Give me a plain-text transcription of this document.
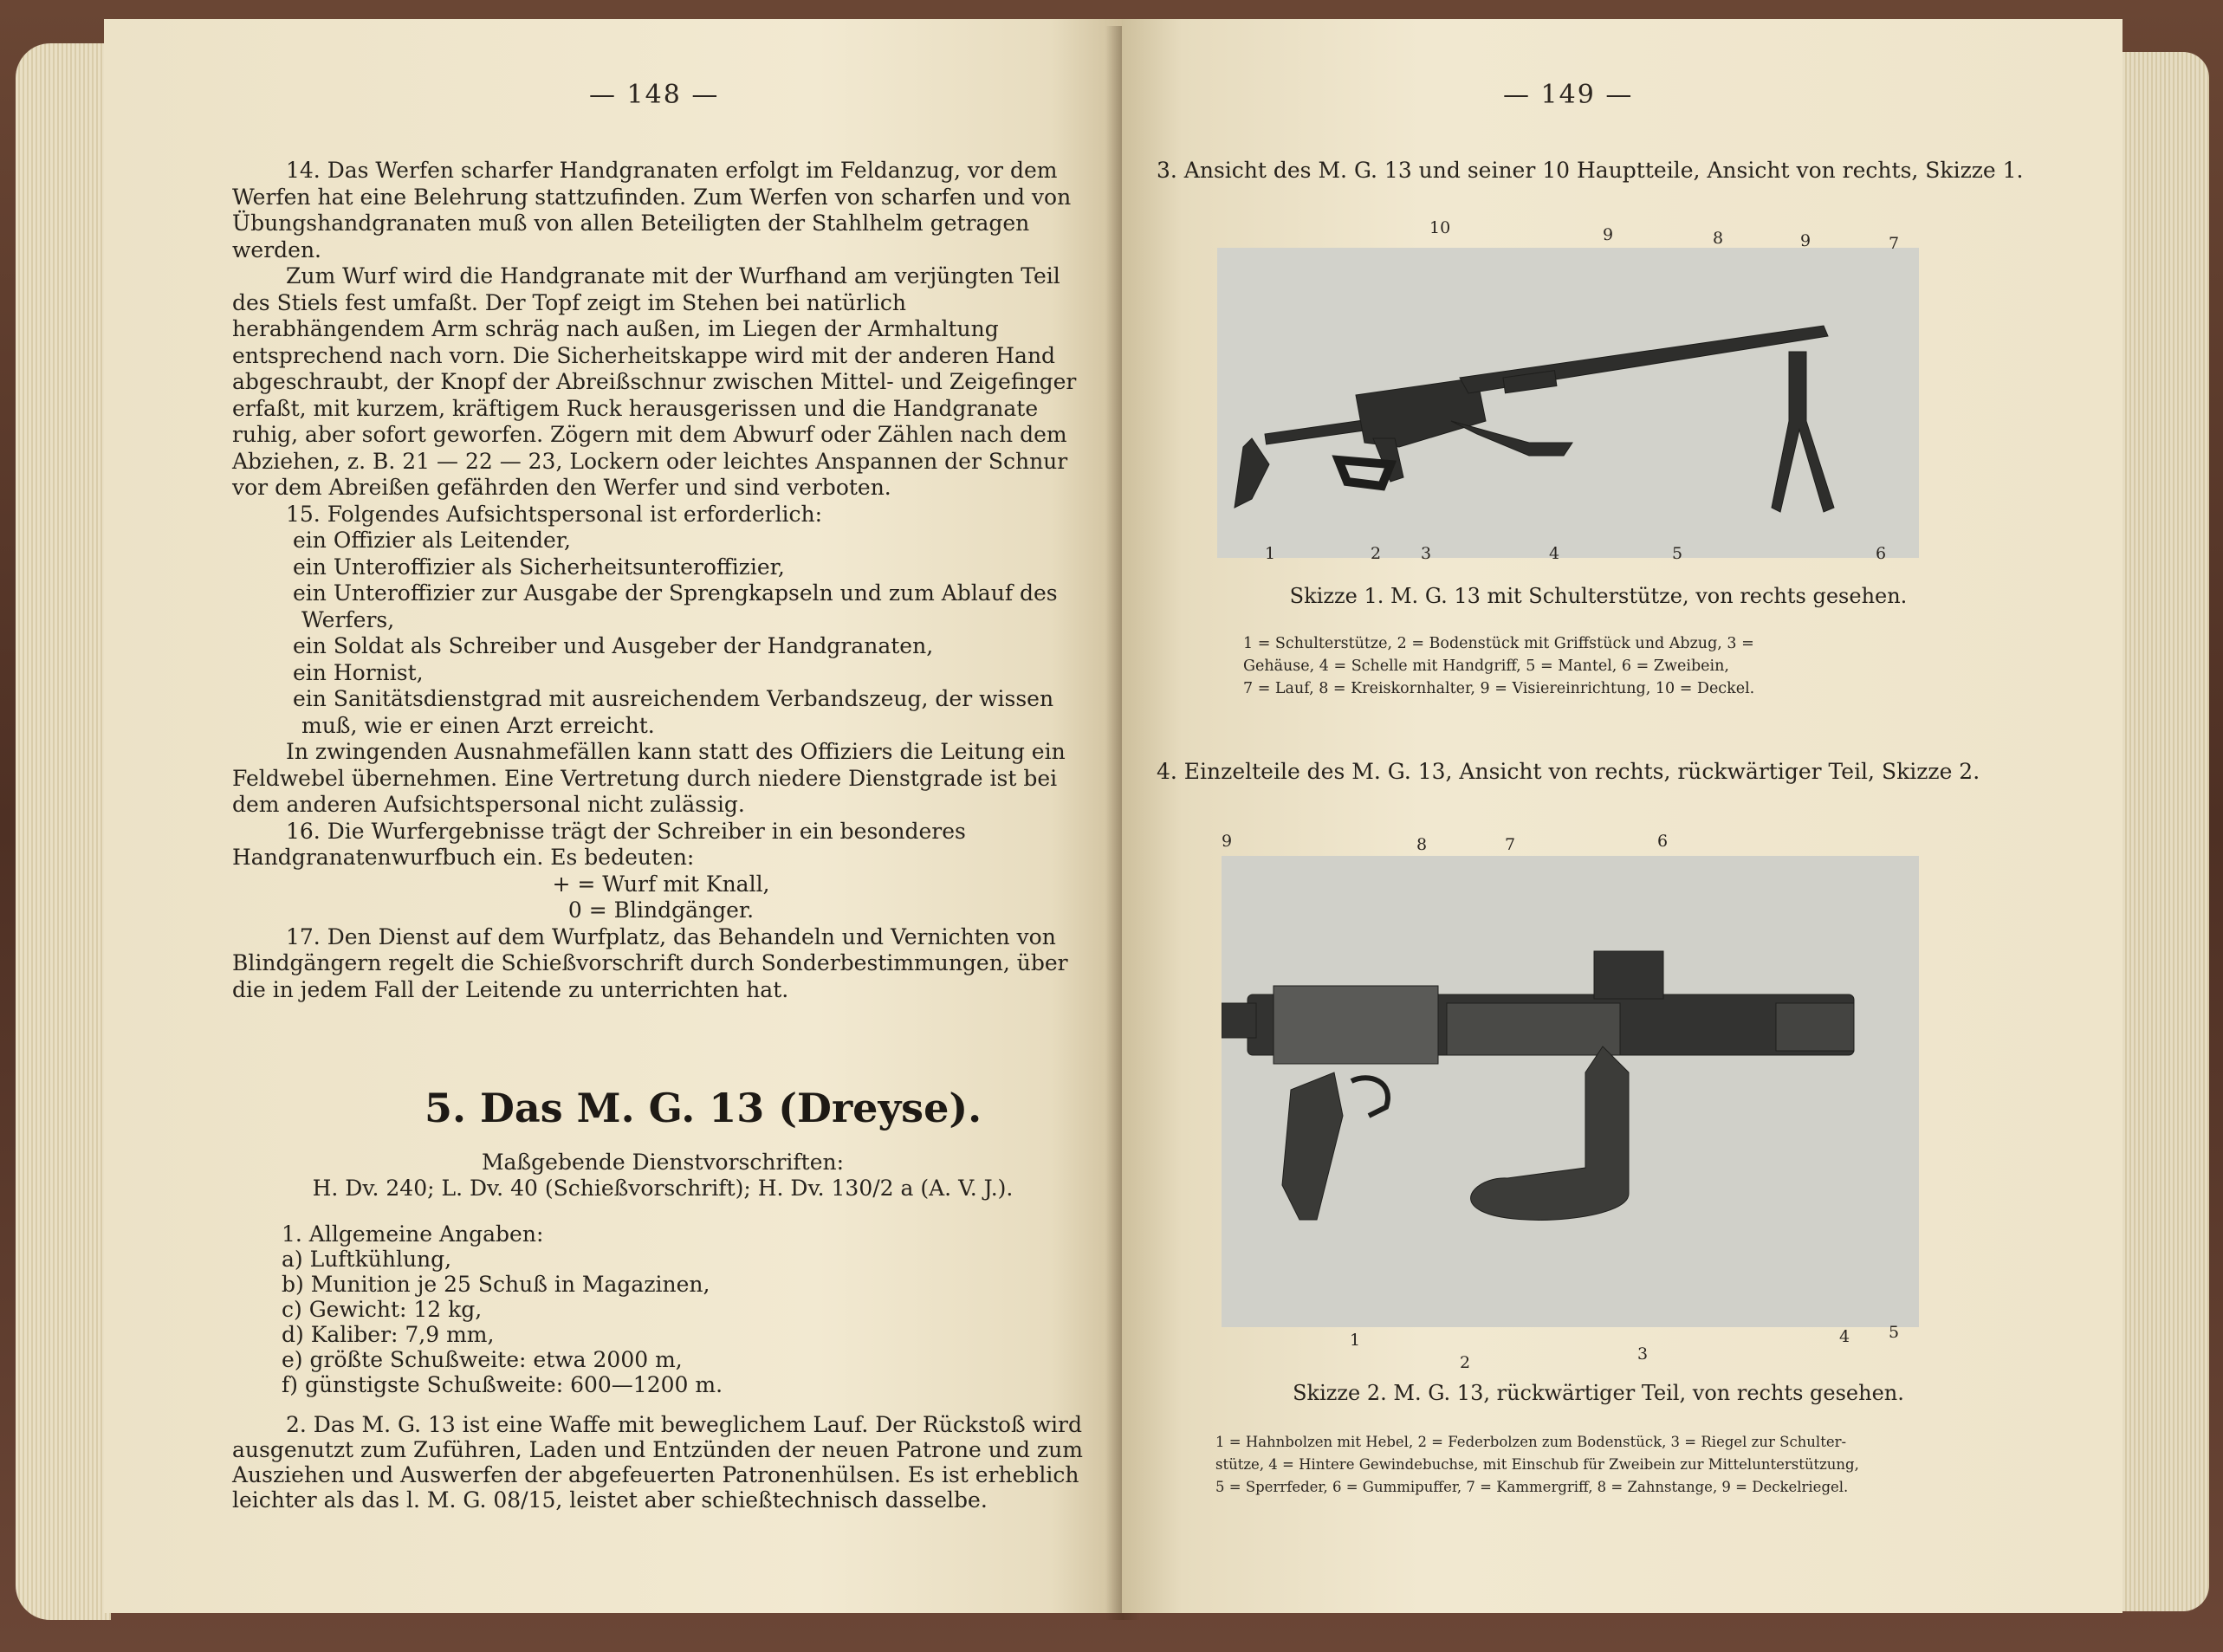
— 148 —

14. Das Werfen scharfer Handgranaten erfolgt im Feldanzug, vor dem Werfen hat eine Belehrung stattzufinden. Zum Werfen von scharfen und von Übungshandgranaten muß von allen Beteiligten der Stahlhelm getragen werden.

Zum Wurf wird die Handgranate mit der Wurfhand am verjüngten Teil des Stiels fest umfaßt. Der Topf zeigt im Stehen bei natürlich herabhängendem Arm schräg nach außen, im Liegen der Armhaltung entsprechend nach vorn. Die Sicherheitskappe wird mit der anderen Hand abgeschraubt, der Knopf der Abreißschnur zwischen Mittel- und Zeigefinger erfaßt, mit kurzem, kräftigem Ruck herausgerissen und die Handgranate ruhig, aber sofort geworfen. Zögern mit dem Abwurf oder Zählen nach dem Abziehen, z. B. 21 — 22 — 23, Lockern oder leichtes Anspannen der Schnur vor dem Abreißen gefährden den Werfer und sind verboten.

15. Folgendes Aufsichtspersonal ist erforderlich:

ein Offizier als Leitender,

ein Unteroffizier als Sicherheitsunteroffizier,

ein Unteroffizier zur Ausgabe der Sprengkapseln und zum Ablauf des Werfers,

ein Soldat als Schreiber und Ausgeber der Handgranaten,

ein Hornist,

ein Sanitätsdienstgrad mit ausreichendem Verbandszeug, der wissen muß, wie er einen Arzt erreicht.

In zwingenden Ausnahmefällen kann statt des Offiziers die Leitung ein Feldwebel übernehmen. Eine Vertretung durch niedere Dienstgrade ist bei dem anderen Aufsichtspersonal nicht zulässig.

16. Die Wurfergebnisse trägt der Schreiber in ein besonderes Handgranatenwurfbuch ein. Es bedeuten:

+ = Wurf mit Knall,

0 = Blindgänger.

17. Den Dienst auf dem Wurfplatz, das Behandeln und Vernichten von Blindgängern regelt die Schießvorschrift durch Sonderbestimmungen, über die in jedem Fall der Leitende zu unterrichten hat.

5. Das M. G. 13 (Dreyse).
Maßgebende Dienstvorschriften:
H. Dv. 240; L. Dv. 40 (Schießvorschrift); H. Dv. 130/2 a (A. V. J.).

1. Allgemeine Angaben:

a) Luftkühlung,

b) Munition je 25 Schuß in Magazinen,

c) Gewicht: 12 kg,

d) Kaliber: 7,9 mm,

e) größte Schußweite: etwa 2000 m,

f) günstigste Schußweite: 600—1200 m.

2. Das M. G. 13 ist eine Waffe mit beweglichem Lauf. Der Rückstoß wird ausgenutzt zum Zuführen, Laden und Entzünden der neuen Patrone und zum Ausziehen und Auswerfen der abgefeuerten Patronenhülsen. Es ist erheblich leichter als das l. M. G. 08/15, leistet aber schießtechnisch dasselbe.

— 149 —
3. Ansicht des M. G. 13 und seiner 10 Hauptteile, Ansicht von rechts, Skizze 1.
10	9	8	9	7
1	2 3	4	5	6
Skizze 1. M. G. 13 mit Schulterstütze, von rechts gesehen.
1 = Schulterstütze, 2 = Bodenstück mit Griffstück und Abzug, 3 =
Gehäuse, 4 = Schelle mit Handgriff, 5 = Mantel, 6 = Zweibein,
7 = Lauf, 8 = Kreiskornhalter, 9 = Visiereinrichtung, 10 = Deckel.
4. Einzelteile des M. G. 13, Ansicht von rechts, rückwärtiger Teil, Skizze 2.
9	8	7	6
1
2	3
4 5
Skizze 2. M. G. 13, rückwärtiger Teil, von rechts gesehen.
1 = Hahnbolzen mit Hebel, 2 = Federbolzen zum Bodenstück, 3 = Riegel zur Schulter-
stütze, 4 = Hintere Gewindebuchse, mit Einschub für Zweibein zur Mittelunterstützung,
5 = Sperrfeder, 6 = Gummipuffer, 7 = Kammergriff, 8 = Zahnstange, 9 = Deckelriegel.
